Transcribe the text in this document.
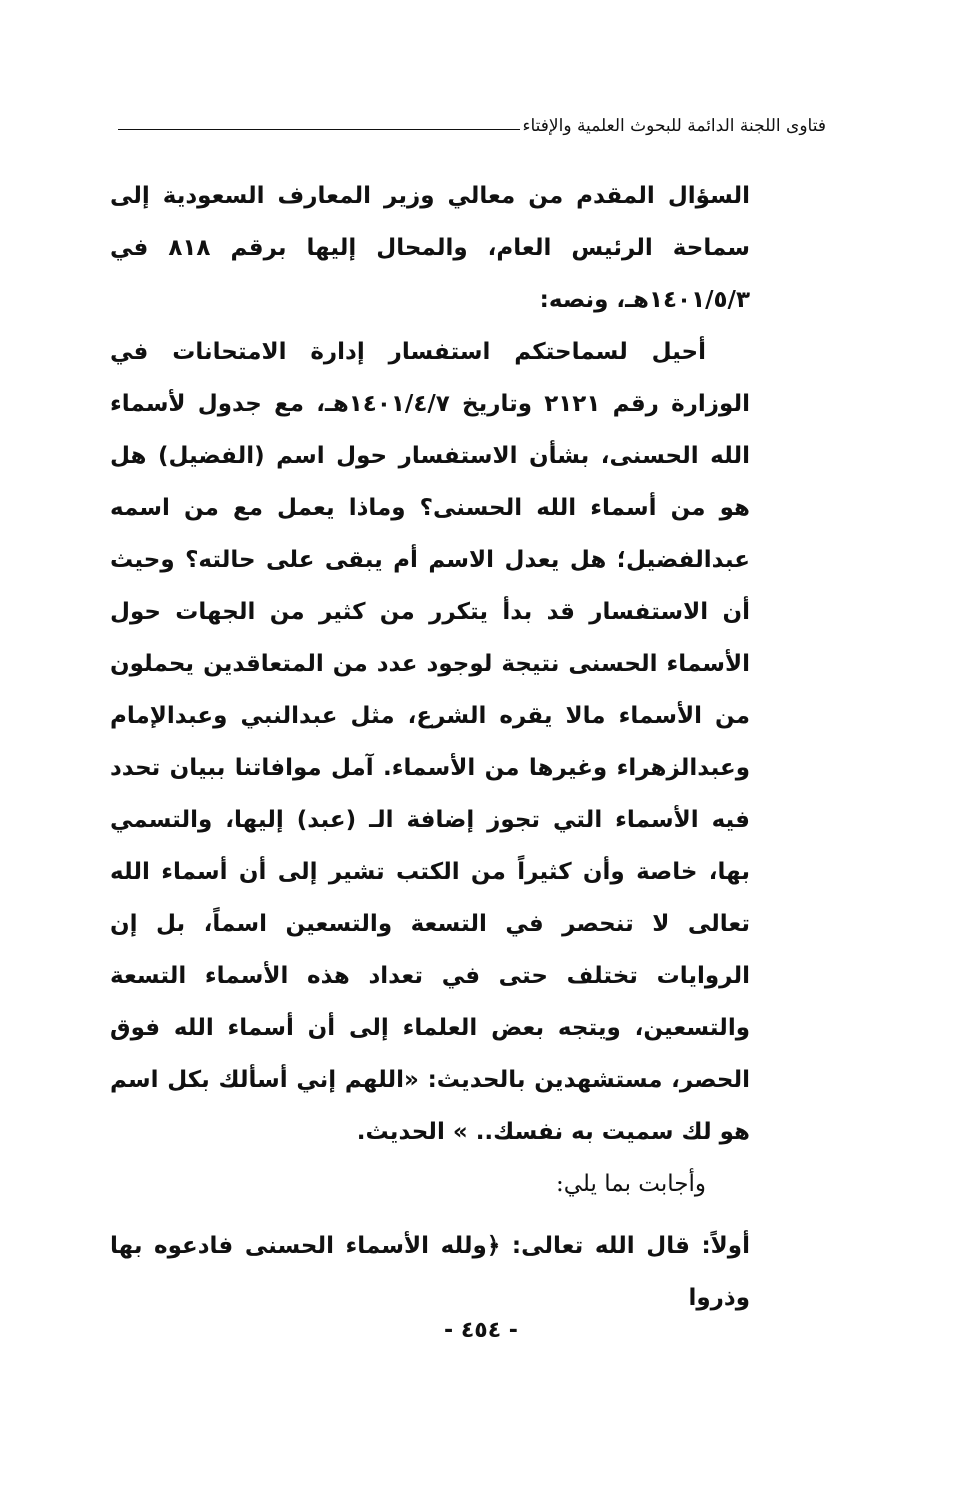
فتاوى اللجنة الدائمة للبحوث العلمية والإفتاء

السؤال المقدم من معالي وزير المعارف السعودية إلى سماحة الرئيس العام، والمحال إليها برقم ٨١٨ في ١٤٠١/٥/٣هـ، ونصه:

أحيل لسماحتكم استفسار إدارة الامتحانات في الوزارة رقم ٢١٢١ وتاريخ ١٤٠١/٤/٧هـ، مع جدول لأسماء الله الحسنى، بشأن الاستفسار حول اسم (الفضيل) هل هو من أسماء الله الحسنى؟ وماذا يعمل مع من اسمه عبدالفضيل؛ هل يعدل الاسم أم يبقى على حالته؟ وحيث أن الاستفسار قد بدأ يتكرر من كثير من الجهات حول الأسماء الحسنى نتيجة لوجود عدد من المتعاقدين يحملون من الأسماء مالا يقره الشرع، مثل عبدالنبي وعبدالإمام وعبدالزهراء وغيرها من الأسماء. آمل موافاتنا ببيان تحدد فيه الأسماء التي تجوز إضافة الـ (عبد) إليها، والتسمي بها، خاصة وأن كثيراً من الكتب تشير إلى أن أسماء الله تعالى لا تنحصر في التسعة والتسعين اسماً، بل إن الروايات تختلف حتى في تعداد هذه الأسماء التسعة والتسعين، ويتجه بعض العلماء إلى أن أسماء الله فوق الحصر، مستشهدين بالحديث: «اللهم إني أسألك بكل اسم هو لك سميت به نفسك.. » الحديث.

وأجابت بما يلي:

أولاً: قال الله تعالى: ﴿ولله الأسماء الحسنى فادعوه بها وذروا

- ٤٥٤ -
